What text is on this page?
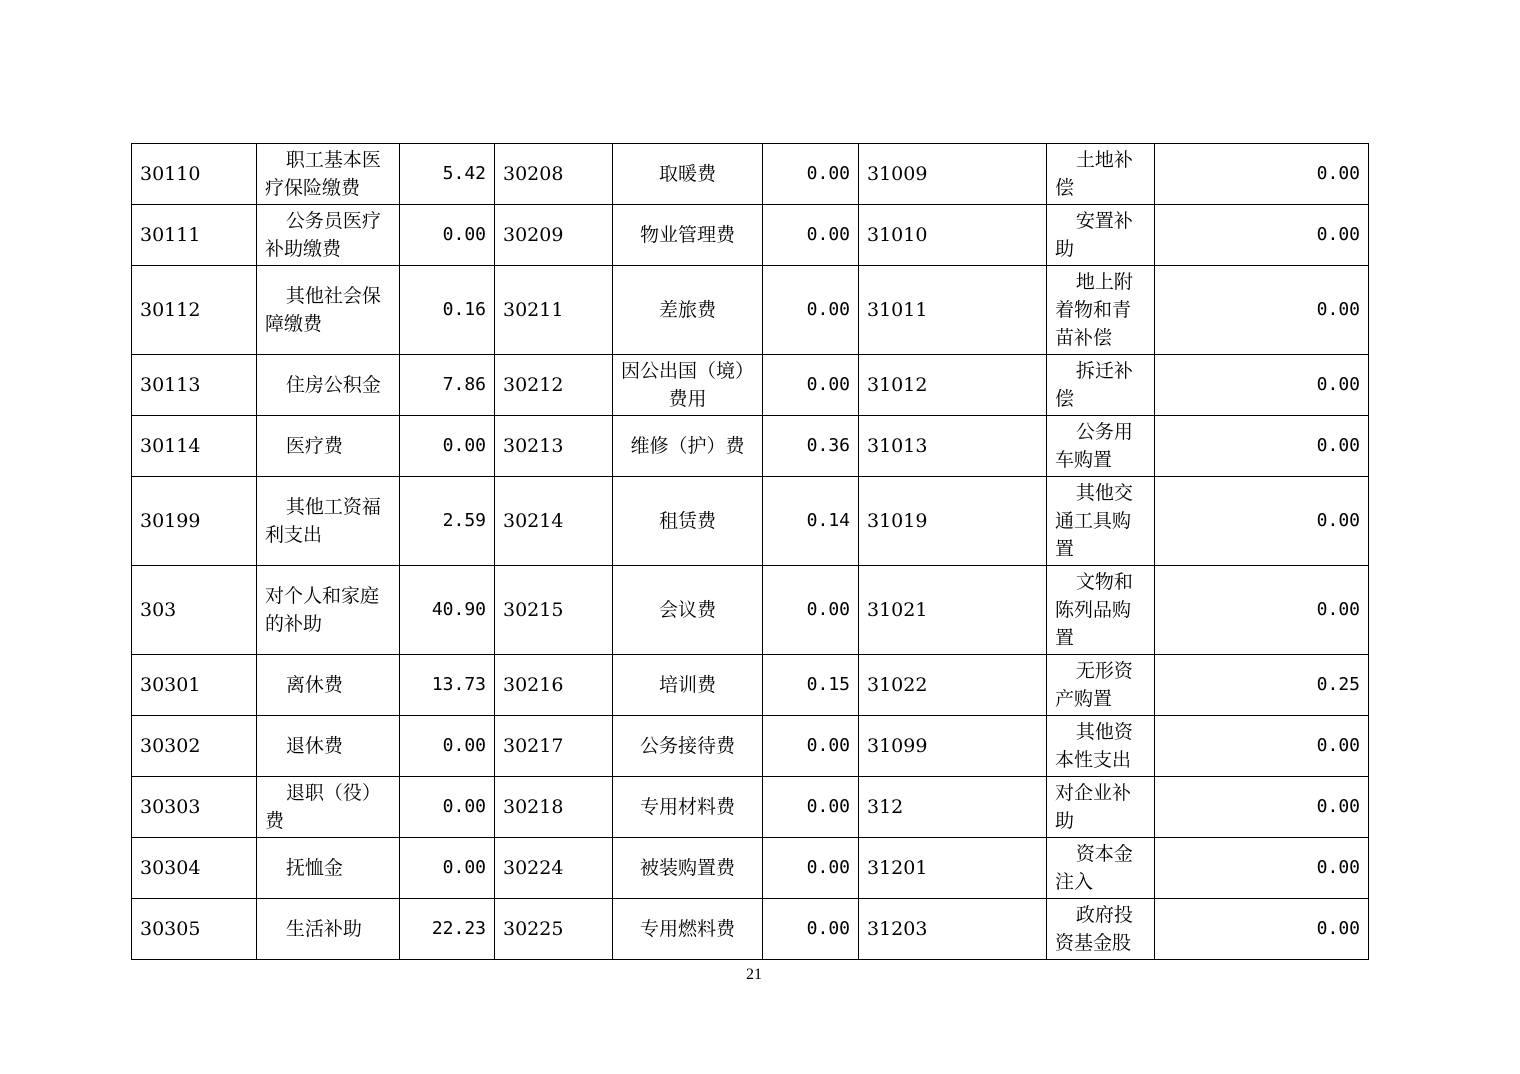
30110	职工基本医疗保险缴费	5.42	30208	取暖费	0.00	31009	土地补偿	0.00
30111	公务员医疗补助缴费	0.00	30209	物业管理费	0.00	31010	安置补助	0.00
30112	其他社会保障缴费	0.16	30211	差旅费	0.00	31011	地上附着物和青苗补偿	0.00
30113	住房公积金	7.86	30212	因公出国（境）费用	0.00	31012	拆迁补偿	0.00
30114	医疗费	0.00	30213	维修（护）费	0.36	31013	公务用车购置	0.00
30199	其他工资福利支出	2.59	30214	租赁费	0.14	31019	其他交通工具购置	0.00
303	对个人和家庭的补助	40.90	30215	会议费	0.00	31021	文物和陈列品购置	0.00
30301	离休费	13.73	30216	培训费	0.15	31022	无形资产购置	0.25
30302	退休费	0.00	30217	公务接待费	0.00	31099	其他资本性支出	0.00
30303	退职（役）费	0.00	30218	专用材料费	0.00	312	对企业补助	0.00
30304	抚恤金	0.00	30224	被装购置费	0.00	31201	资本金注入	0.00
30305	生活补助	22.23	30225	专用燃料费	0.00	31203	政府投资基金股	0.00
21
